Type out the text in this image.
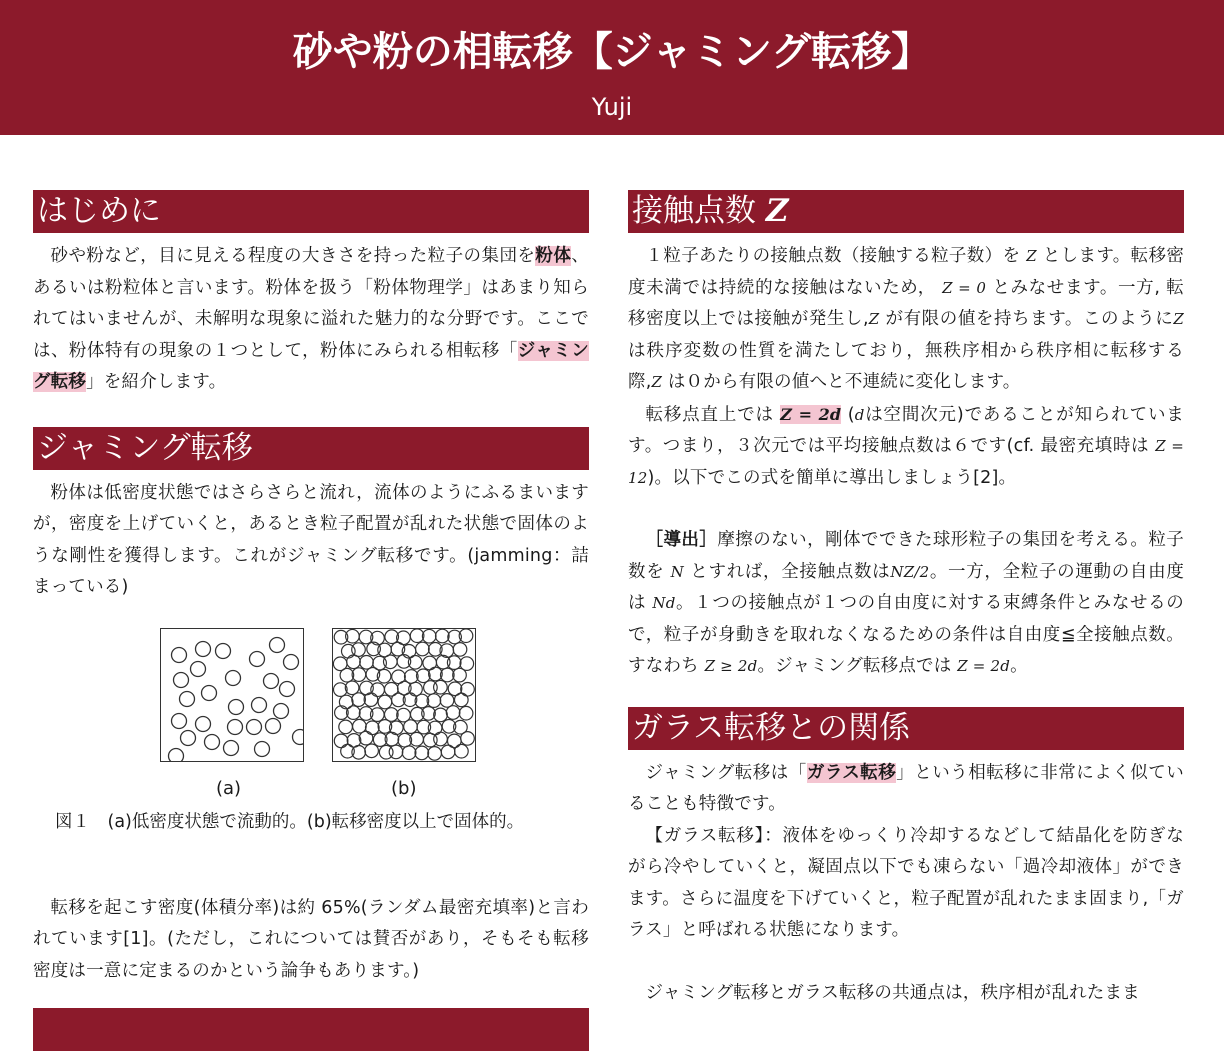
砂や粉の相転移【ジャミング転移】
Yuji
はじめに

砂や粉など，目に見える程度の大きさを持った粒子の集団を粉体、あるいは粉粒体と言います。粉体を扱う「粉体物理学」はあまり知られてはいませんが、未解明な現象に溢れた魅力的な分野です。ここでは、粉体特有の現象の１つとして，粉体にみられる相転移「ジャミング転移」を紹介します。

ジャミング転移

粉体は低密度状態ではさらさらと流れ，流体のようにふるまいますが，密度を上げていくと，あるとき粒子配置が乱れた状態で固体のような剛性を獲得します。これがジャミング転移です。(jamming：詰まっている)

(a)	(b)
図１　(a)低密度状態で流動的。(b)転移密度以上で固体的。

転移を起こす密度(体積分率)は約 65%(ランダム最密充填率)と言われています[1]。(ただし，これについては賛否があり，そもそも転移密度は一意に定まるのかという論争もあります。)

接触点数 Z

１粒子あたりの接触点数（接触する粒子数）を Z とします。転移密度未満では持続的な接触はないため， Z = 0 とみなせます。一方, 転移密度以上では接触が発生し,Z が有限の値を持ちます。このようにZ は秩序変数の性質を満たしており，無秩序相から秩序相に転移する際,Z は０から有限の値へと不連続に変化します。

転移点直上では Z = 2d (dは空間次元)であることが知られています。つまり，３次元では平均接触点数は６です(cf. 最密充填時は Z = 12)。以下でこの式を簡単に導出しましょう[2]。

［導出］摩擦のない，剛体でできた球形粒子の集団を考える。粒子数を N とすれば，全接触点数はNZ/2。一方，全粒子の運動の自由度は Nd。１つの接触点が１つの自由度に対する束縛条件とみなせるので，粒子が身動きを取れなくなるための条件は自由度≦全接触点数。すなわち Z ≥ 2d。ジャミング転移点では Z = 2d。

ガラス転移との関係

ジャミング転移は「ガラス転移」という相転移に非常によく似ていることも特徴です。

【ガラス転移】：液体をゆっくり冷却するなどして結晶化を防ぎながら冷やしていくと，凝固点以下でも凍らない「過冷却液体」ができます。さらに温度を下げていくと，粒子配置が乱れたまま固まり,「ガラス」と呼ばれる状態になります。

ジャミング転移とガラス転移の共通点は，秩序相が乱れたまま
